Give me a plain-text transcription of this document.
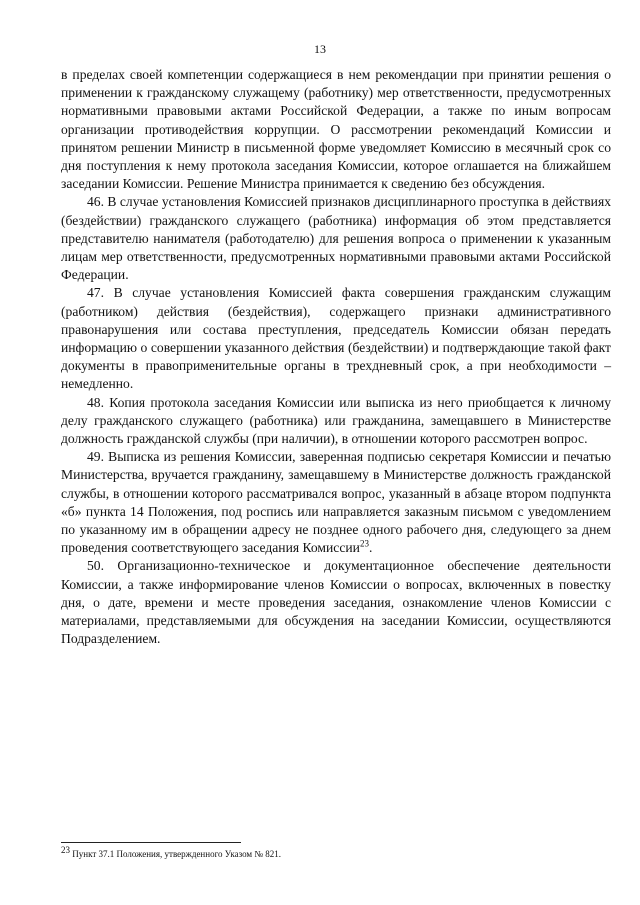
13

в пределах своей компетенции содержащиеся в нем рекомендации при принятии решения о применении к гражданскому служащему (работнику) мер ответственности, предусмотренных нормативными правовыми актами Российской Федерации, а также по иным вопросам организации противодействия коррупции. О рассмотрении рекомендаций Комиссии и принятом решении Министр в письменной форме уведомляет Комиссию в месячный срок со дня поступления к нему протокола заседания Комиссии, которое оглашается на ближайшем заседании Комиссии. Решение Министра принимается к сведению без обсуждения.

46. В случае установления Комиссией признаков дисциплинарного проступка в действиях (бездействии) гражданского служащего (работника) информация об этом представляется представителю нанимателя (работодателю) для решения вопроса о применении к указанным лицам мер ответственности, предусмотренных нормативными правовыми актами Российской Федерации.

47. В случае установления Комиссией факта совершения гражданским служащим (работником) действия (бездействия), содержащего признаки административного правонарушения или состава преступления, председатель Комиссии обязан передать информацию о совершении указанного действия (бездействии) и подтверждающие такой факт документы в правоприменительные органы в трехдневный срок, а при необходимости – немедленно.

48. Копия протокола заседания Комиссии или выписка из него приобщается к личному делу гражданского служащего (работника) или гражданина, замещавшего в Министерстве должность гражданской службы (при наличии), в отношении которого рассмотрен вопрос.

49. Выписка из решения Комиссии, заверенная подписью секретаря Комиссии и печатью Министерства, вручается гражданину, замещавшему в Министерстве должность гражданской службы, в отношении которого рассматривался вопрос, указанный в абзаце втором подпункта «б» пункта 14 Положения, под роспись или направляется заказным письмом с уведомлением по указанному им в обращении адресу не позднее одного рабочего дня, следующего за днем проведения соответствующего заседания Комиссии$^{23}$.

50. Организационно-техническое и документационное обеспечение деятельности Комиссии, а также информирование членов Комиссии о вопросах, включенных в повестку дня, о дате, времени и месте проведения заседания, ознакомление членов Комиссии с материалами, представляемыми для обсуждения на заседании Комиссии, осуществляются Подразделением.

$^{23}$ Пункт 37.1 Положения, утвержденного Указом № 821.
